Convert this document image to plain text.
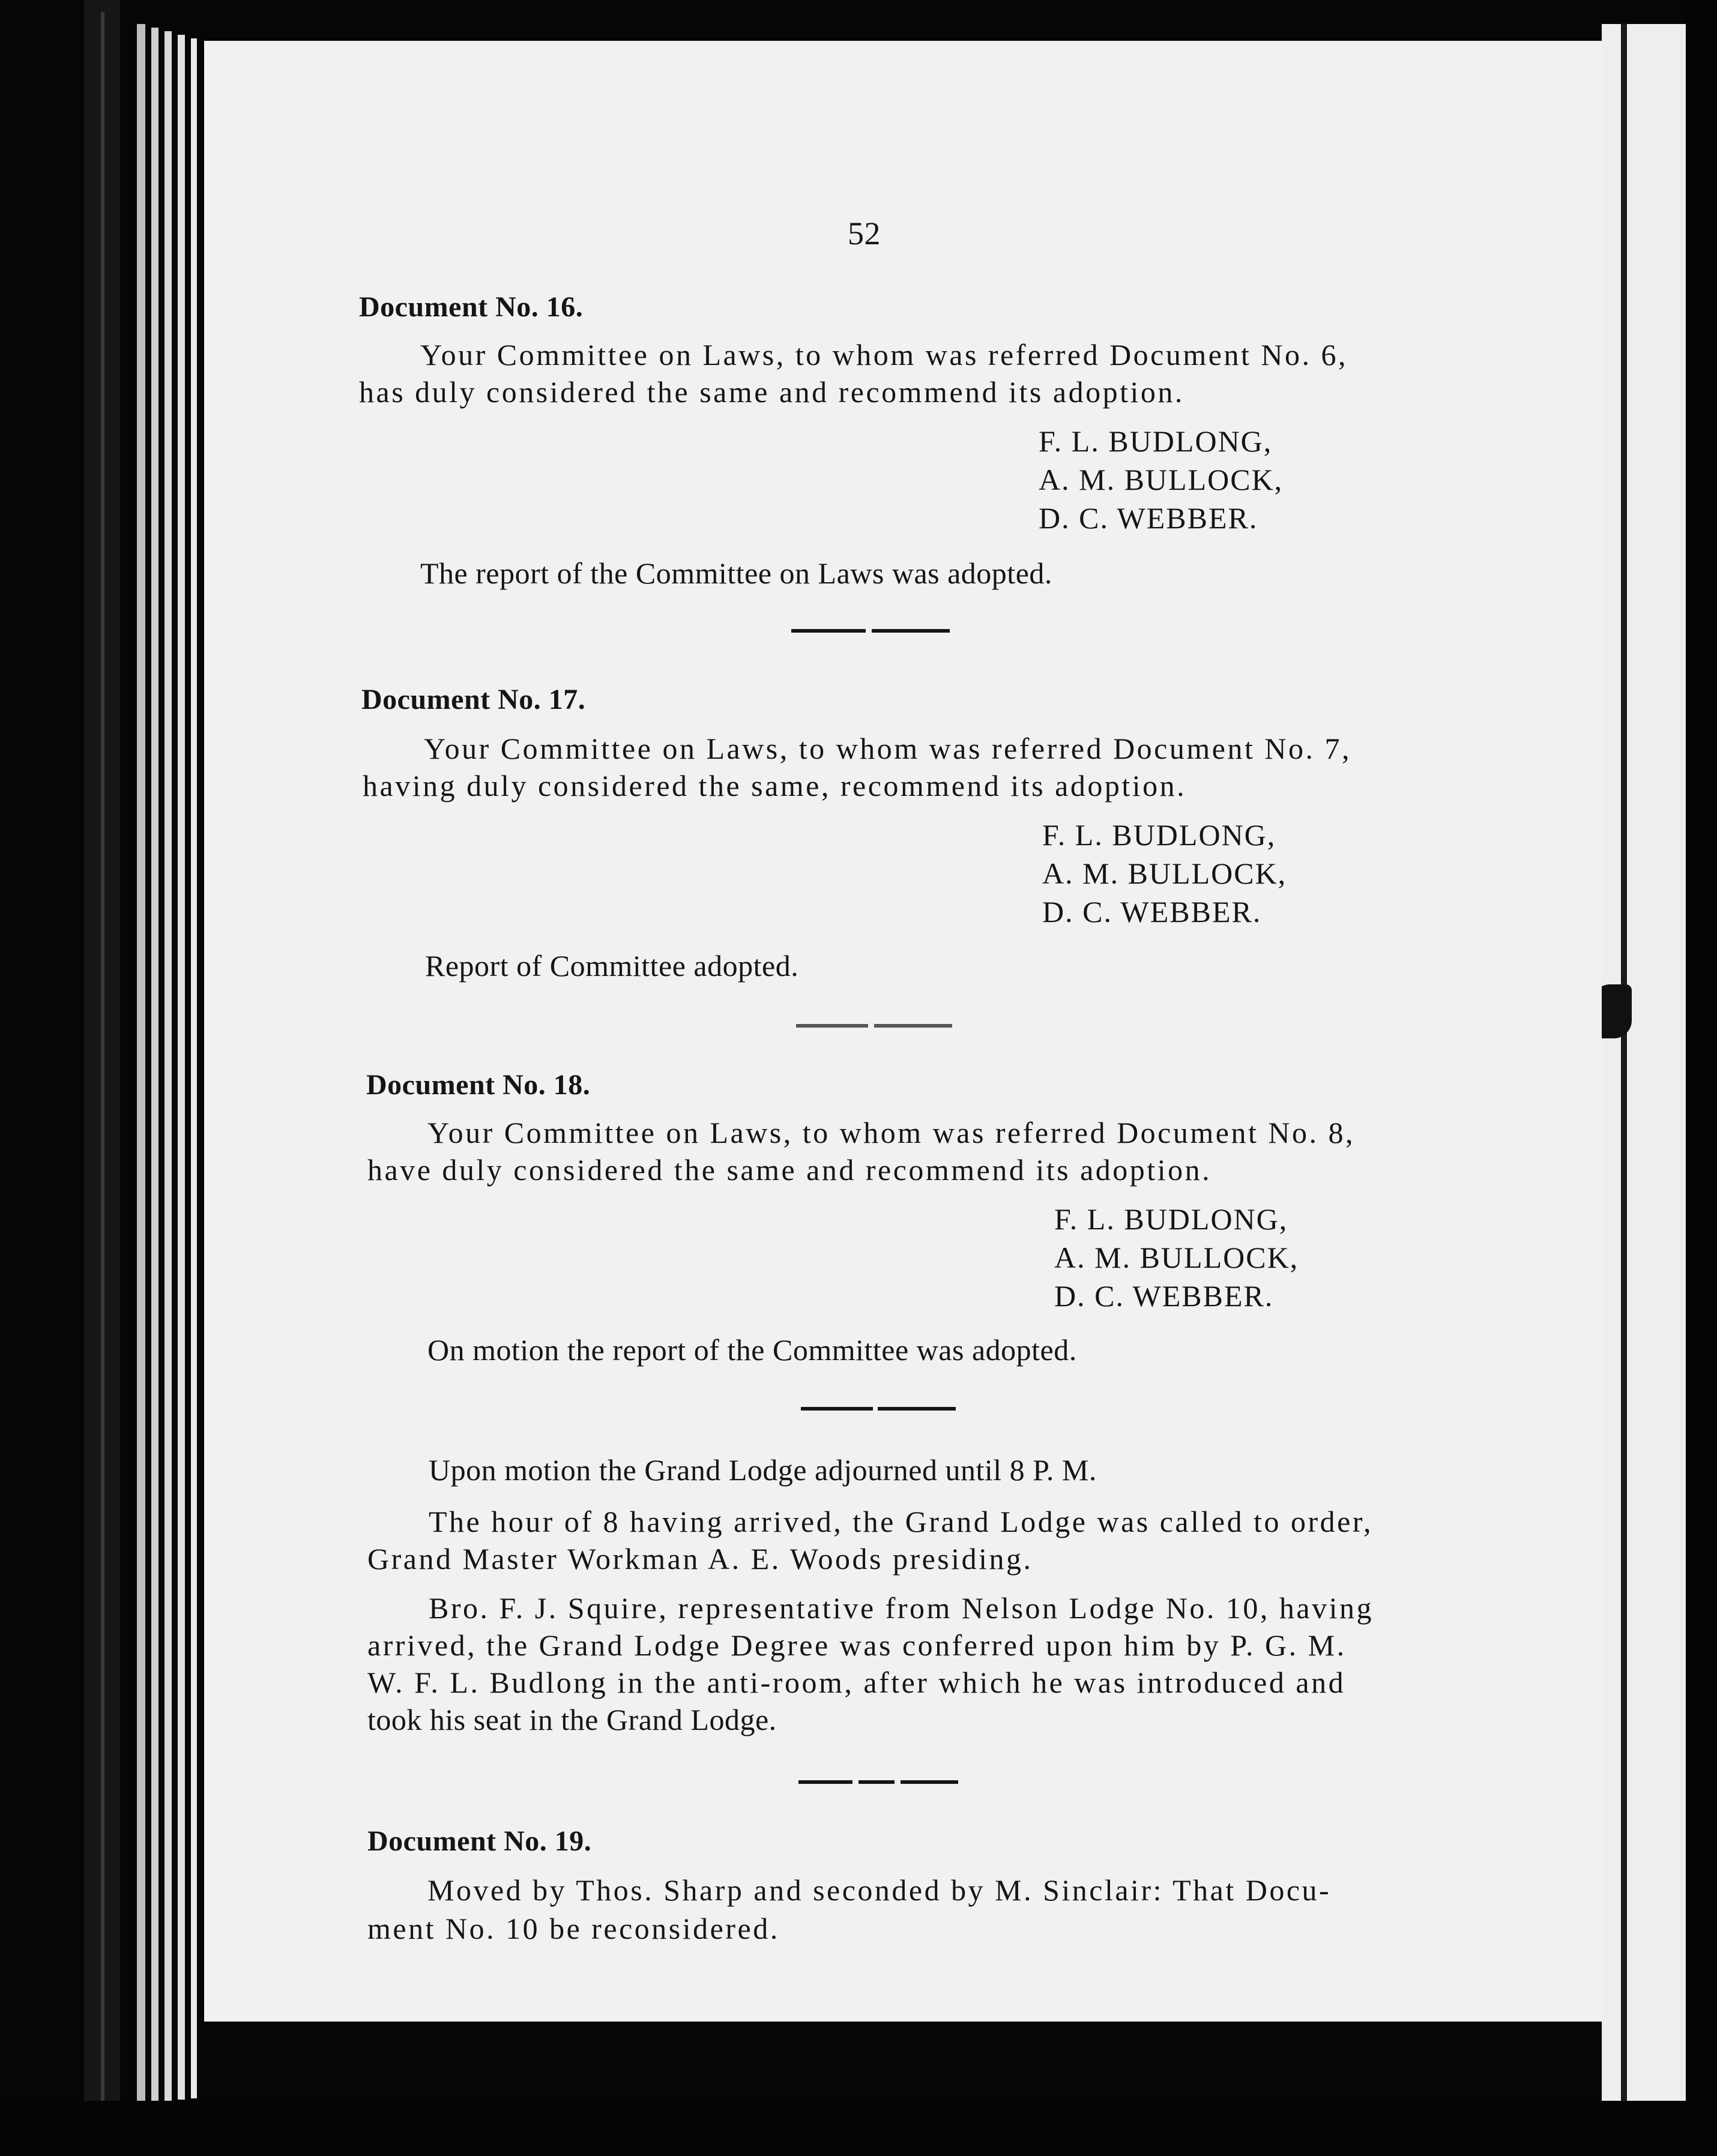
52
Document No. 16.
Your Committee on Laws, to whom was referred Document No. 6,
has duly considered the same and recommend its adoption.
F. L. BUDLONG,
A. M. BULLOCK,
D. C. WEBBER.
The report of the Committee on Laws was adopted.
Document No. 17.
Your Committee on Laws, to whom was referred Document No. 7,
having duly considered the same, recommend its adoption.
F. L. BUDLONG,
A. M. BULLOCK,
D. C. WEBBER.
Report of Committee adopted.
Document No. 18.
Your Committee on Laws, to whom was referred Document No. 8,
have duly considered the same and recommend its adoption.
F. L. BUDLONG,
A. M. BULLOCK,
D. C. WEBBER.
On motion the report of the Committee was adopted.
Upon motion the Grand Lodge adjourned until 8 P. M.
The hour of 8 having arrived, the Grand Lodge was called to order,
Grand Master Workman A. E. Woods presiding.
Bro. F. J. Squire, representative from Nelson Lodge No. 10, having
arrived, the Grand Lodge Degree was conferred upon him by P. G. M.
W. F. L. Budlong in the anti-room, after which he was introduced and
took his seat in the Grand Lodge.
Document No. 19.
Moved by Thos. Sharp and seconded by M. Sinclair: That Docu-
ment No. 10 be reconsidered.
